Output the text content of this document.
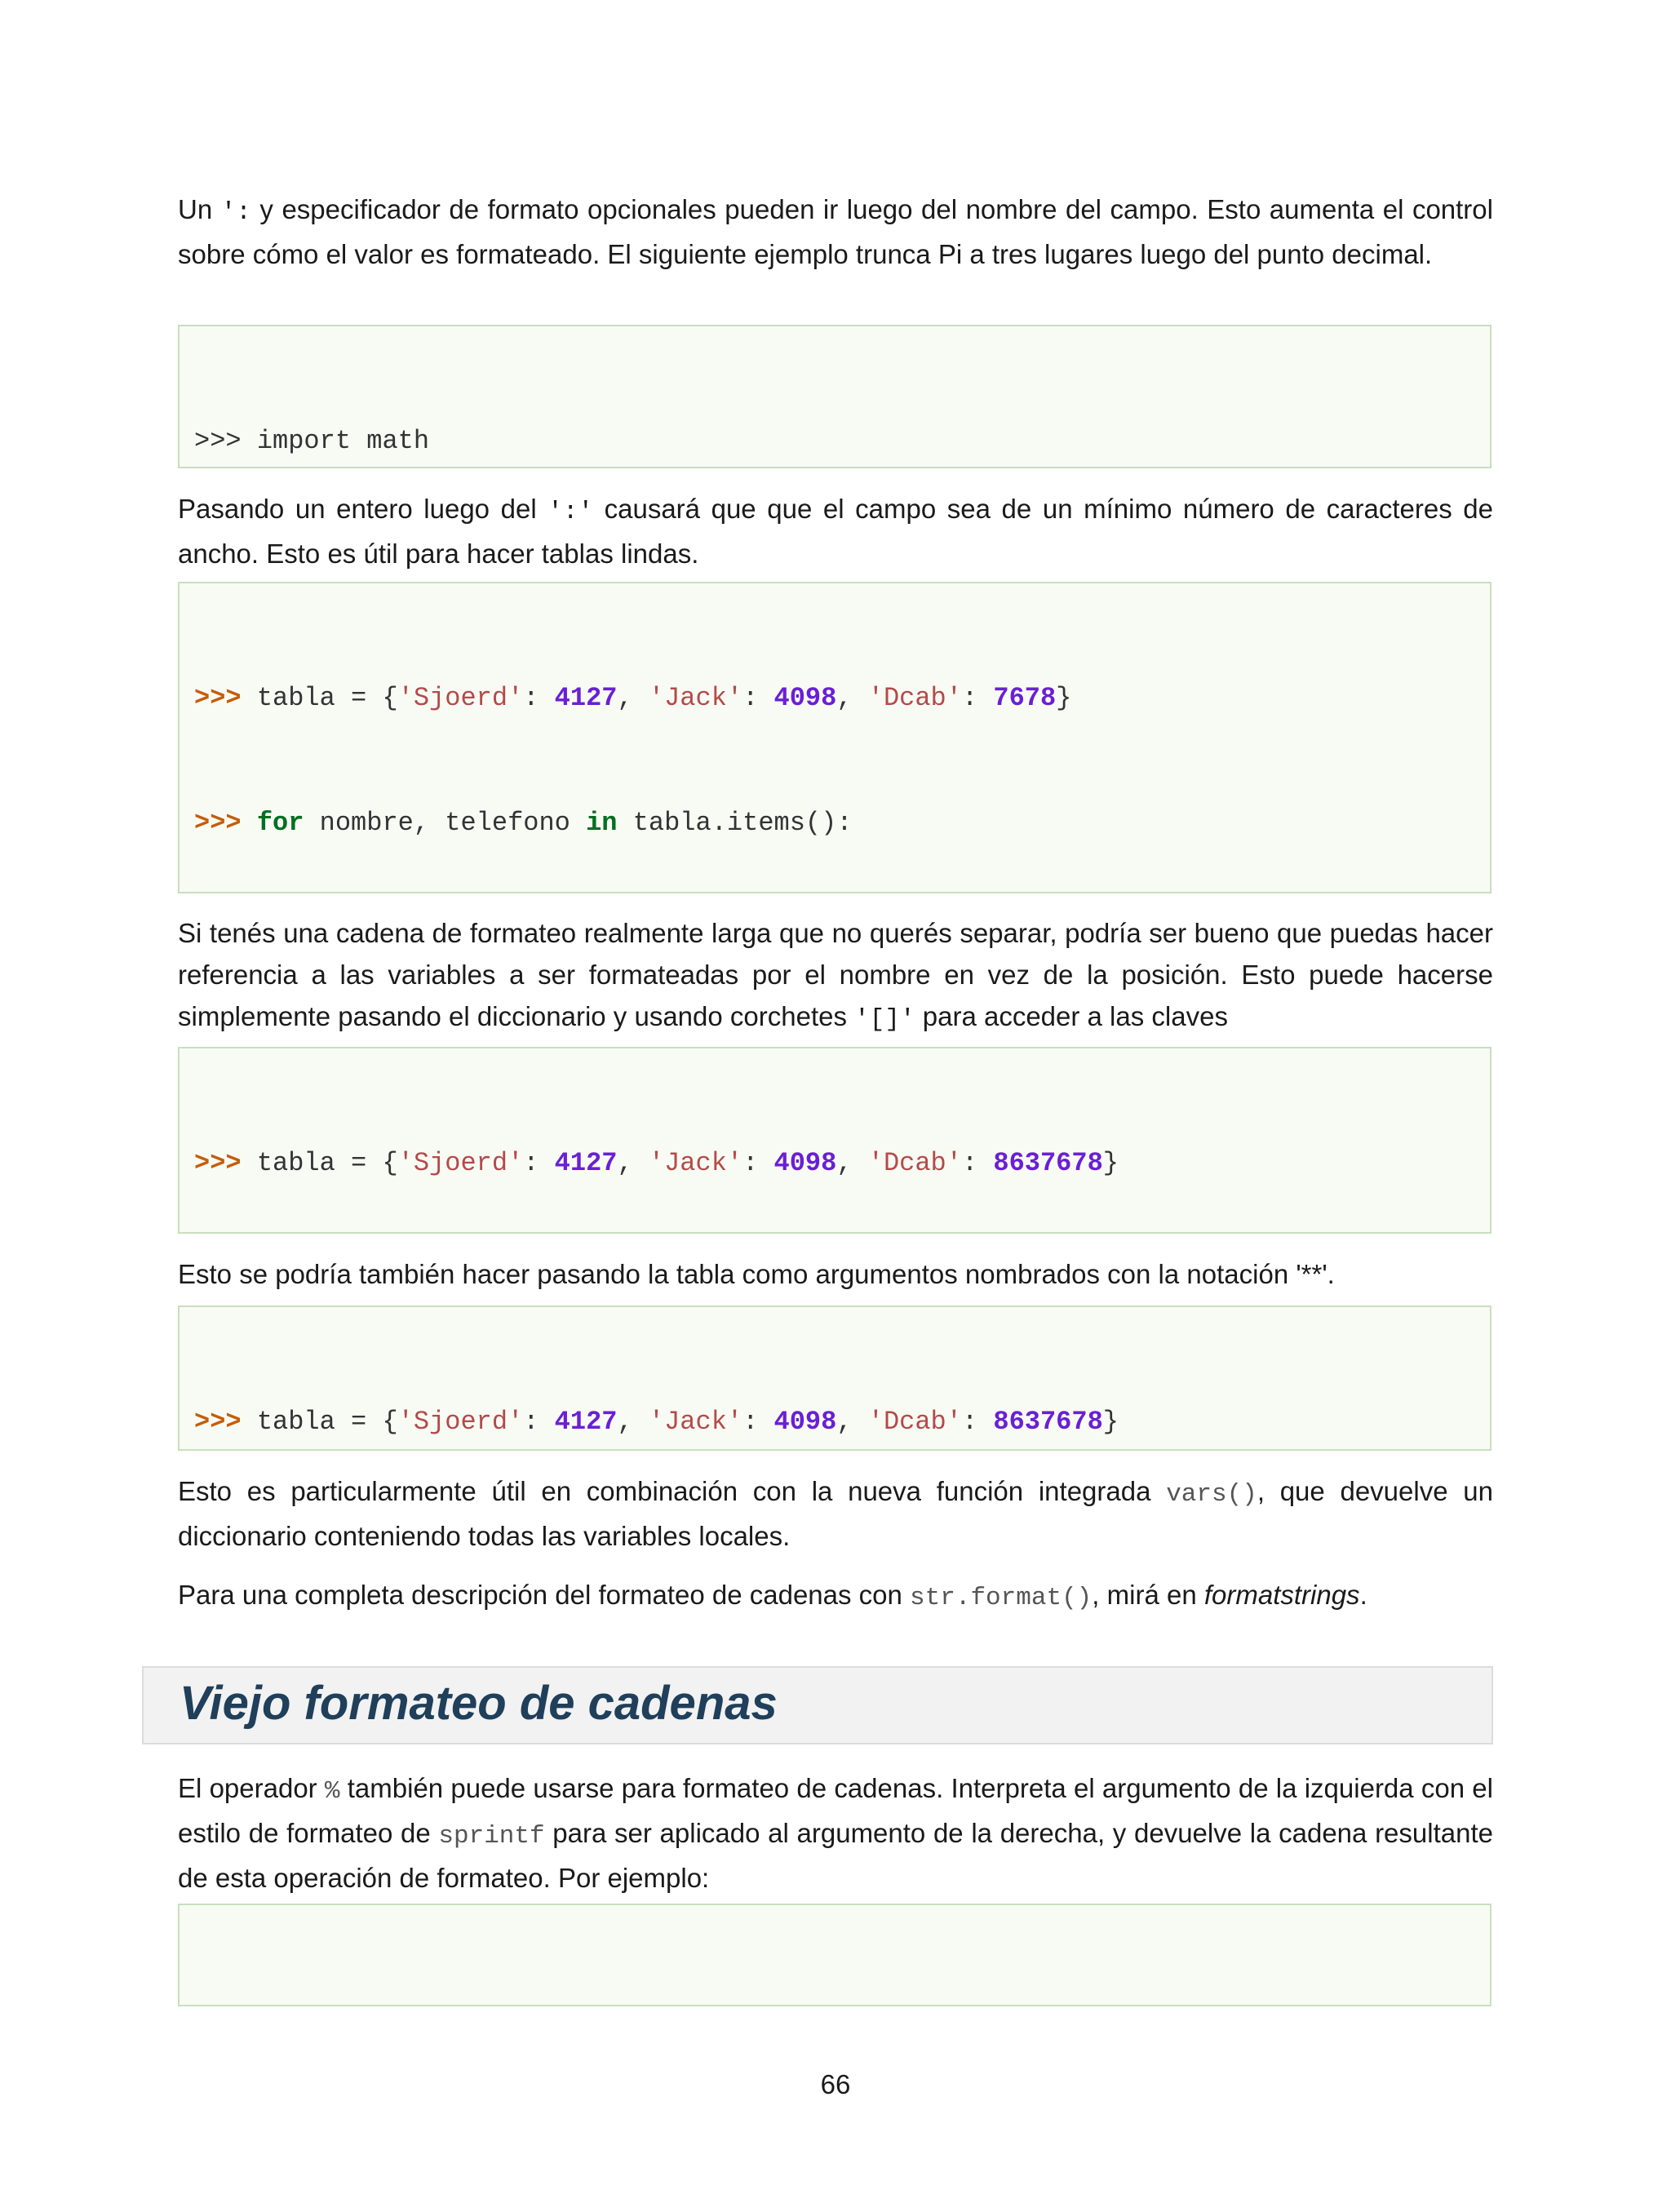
Un ': y especificador de formato opcionales pueden ir luego del nombre del campo. Esto aumenta el control sobre cómo el valor es formateado. El siguiente ejemplo trunca Pi a tres lugares luego del punto decimal.

>>> import math

Pasando un entero luego del ':' causará que que el campo sea de un mínimo número de caracteres de ancho. Esto es útil para hacer tablas lindas.

>>> tabla = {'Sjoerd': 4127, 'Jack': 4098, 'Dcab': 7678}

>>> for nombre, telefono in tabla.items():

Si tenés una cadena de formateo realmente larga que no querés separar, podría ser bueno que puedas hacer referencia a las variables a ser formateadas por el nombre en vez de la posición. Esto puede hacerse simplemente pasando el diccionario y usando corchetes '[]' para acceder a las claves

>>> tabla = {'Sjoerd': 4127, 'Jack': 4098, 'Dcab': 8637678}

Esto se podría también hacer pasando la tabla como argumentos nombrados con la notación '**'.

>>> tabla = {'Sjoerd': 4127, 'Jack': 4098, 'Dcab': 8637678}

Esto es particularmente útil en combinación con la nueva función integrada vars(), que devuelve un diccionario conteniendo todas las variables locales.

Para una completa descripción del formateo de cadenas con str.format(), mirá en formatstrings.

Viejo formateo de cadenas

El operador % también puede usarse para formateo de cadenas. Interpreta el argumento de la izquierda con el estilo de formateo de sprintf para ser aplicado al argumento de la derecha, y devuelve la cadena resultante de esta operación de formateo. Por ejemplo:

66
